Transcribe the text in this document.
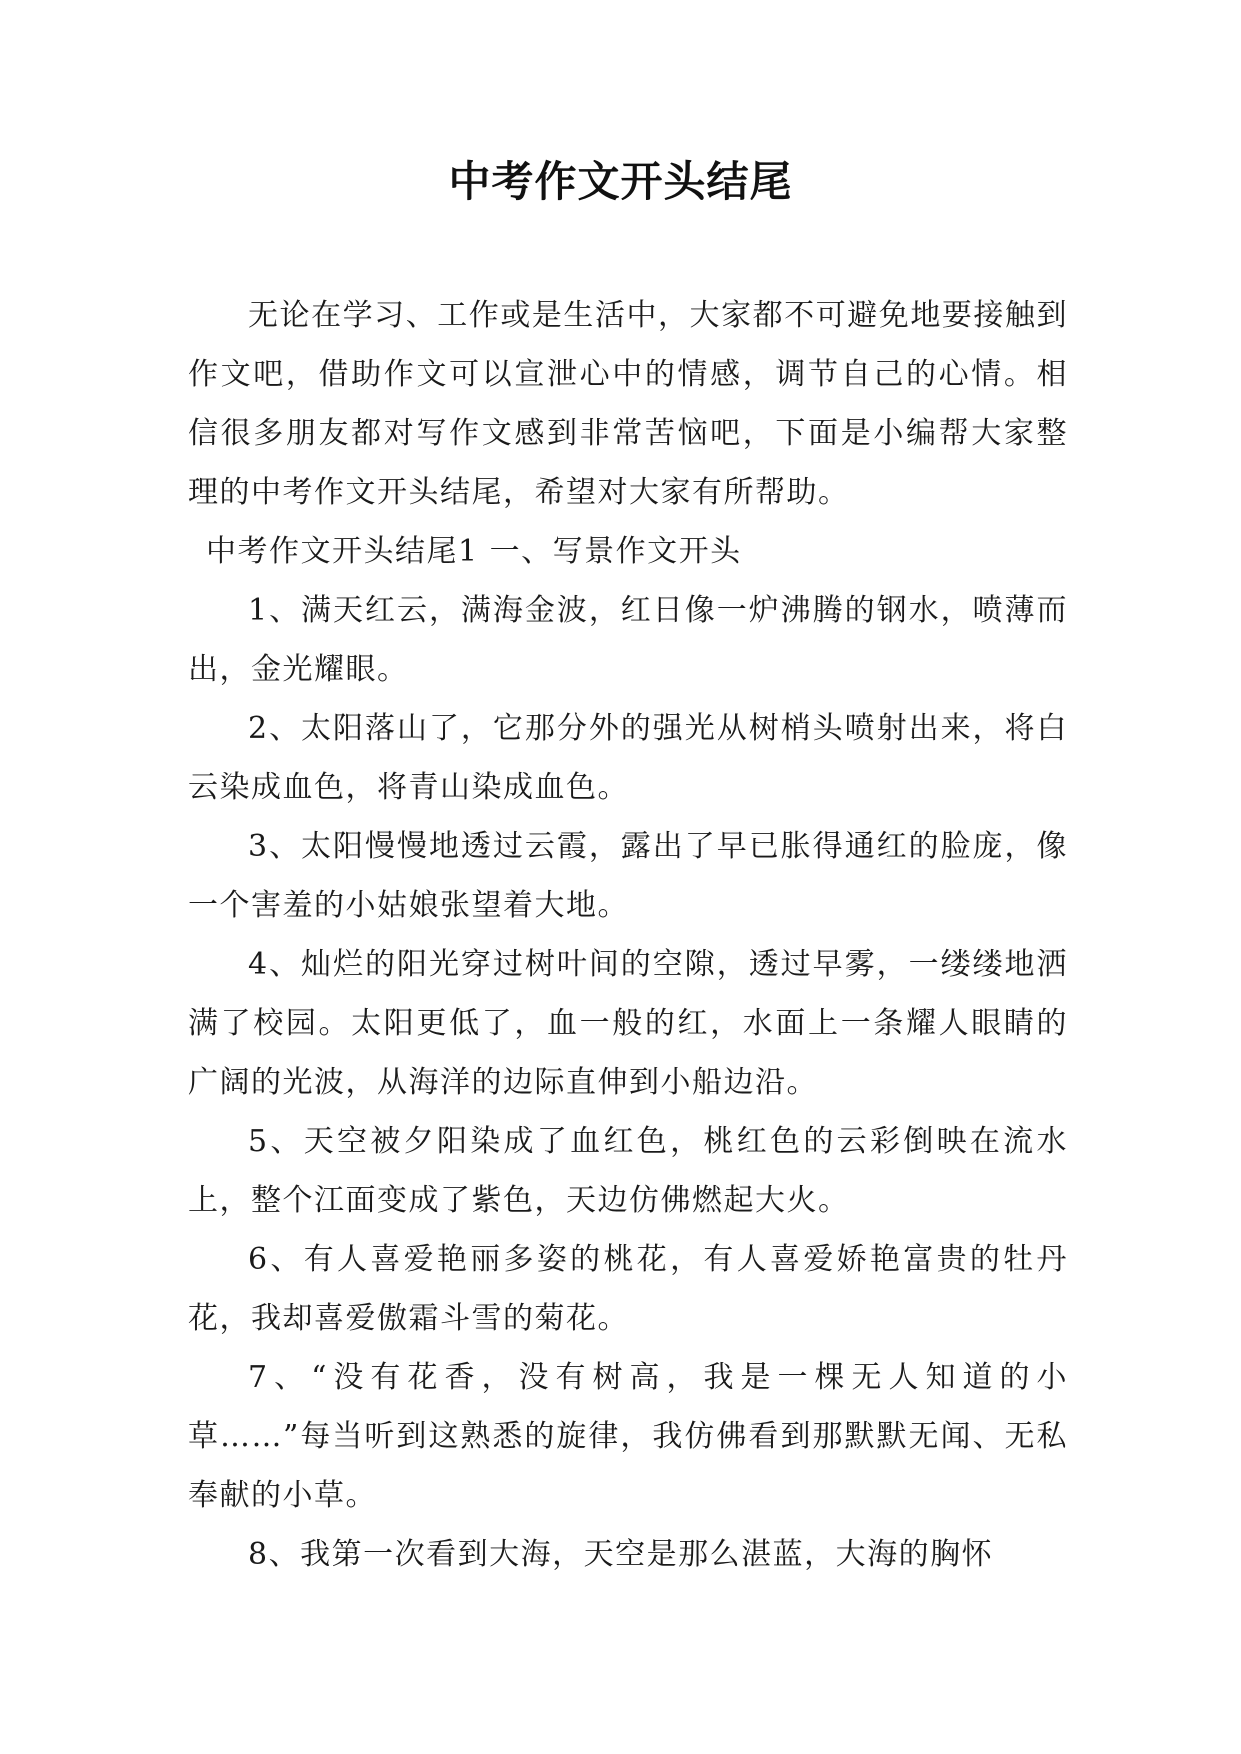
中考作文开头结尾

无论在学习、工作或是生活中，大家都不可避免地要接触到作文吧，借助作文可以宣泄心中的情感，调节自己的心情。相信很多朋友都对写作文感到非常苦恼吧，下面是小编帮大家整理的中考作文开头结尾，希望对大家有所帮助。

中考作文开头结尾1 一、写景作文开头

1、满天红云，满海金波，红日像一炉沸腾的钢水，喷薄而出，金光耀眼。

2、太阳落山了，它那分外的强光从树梢头喷射出来，将白云染成血色，将青山染成血色。

3、太阳慢慢地透过云霞，露出了早已胀得通红的脸庞，像一个害羞的小姑娘张望着大地。

4、灿烂的阳光穿过树叶间的空隙，透过早雾，一缕缕地洒满了校园。太阳更低了，血一般的红，水面上一条耀人眼睛的广阔的光波，从海洋的边际直伸到小船边沿。

5、天空被夕阳染成了血红色，桃红色的云彩倒映在流水上，整个江面变成了紫色，天边仿佛燃起大火。

6、有人喜爱艳丽多姿的桃花，有人喜爱娇艳富贵的牡丹花，我却喜爱傲霜斗雪的菊花。

7、“没有花香，没有树高，我是一棵无人知道的小草……”每当听到这熟悉的旋律，我仿佛看到那默默无闻、无私奉献的小草。

8、我第一次看到大海，天空是那么湛蓝，大海的胸怀
